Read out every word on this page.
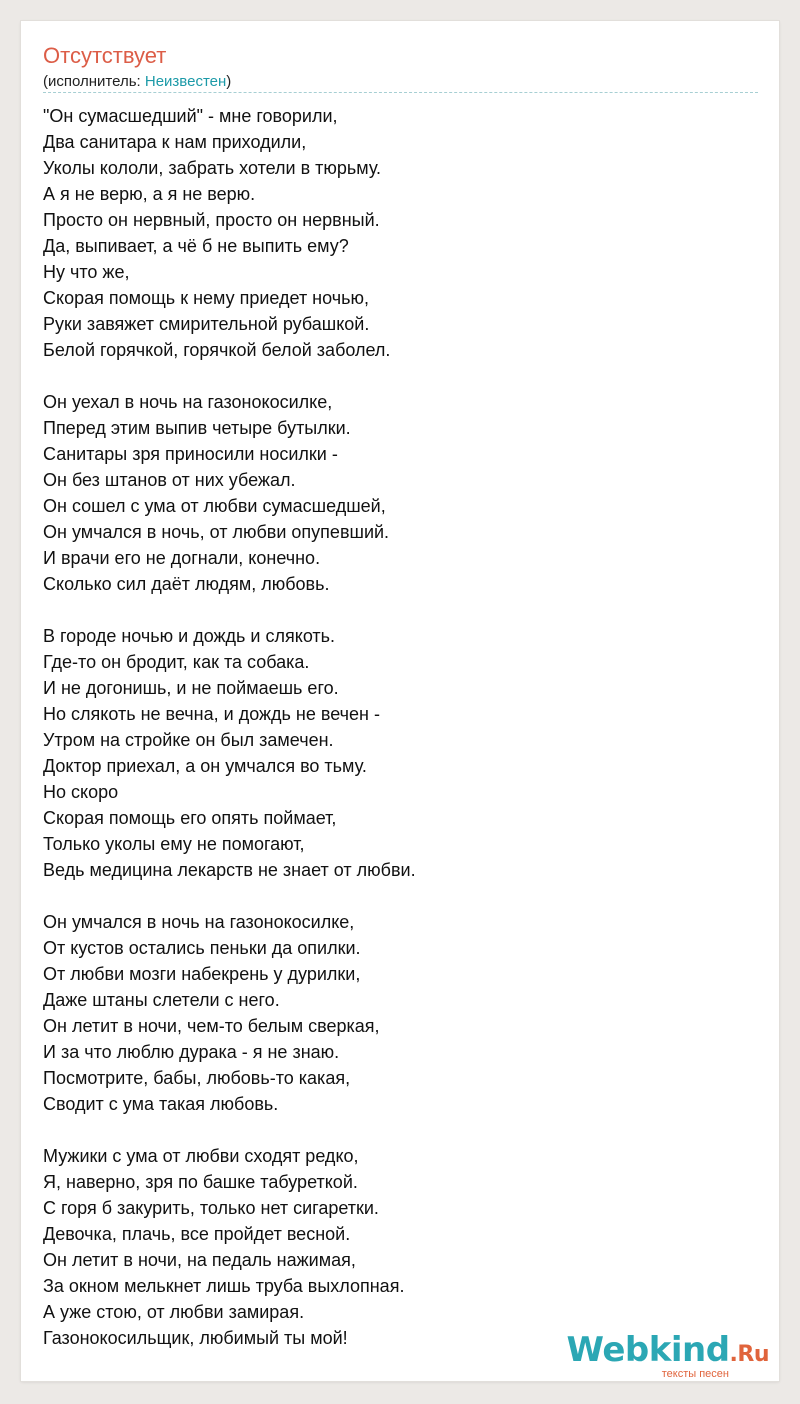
Отсутствует
(исполнитель: Неизвестен)
"Он сумасшедший" - мне говорили,
Два санитара к нам приходили,
Уколы кололи, забрать хотели в тюрьму.
А я не верю, а я не верю.
Просто он нервный, просто он нервный.
Да, выпивает, а чё б не выпить ему?
Ну что же,
Скорая помощь к нему приедет ночью,
Руки завяжет смирительной рубашкой.
Белой горячкой, горячкой белой заболел.
Он уехал в ночь на газонокосилке,
Пперед этим выпив четыре бутылки.
Санитары зря приносили носилки -
Он без штанов от них убежал.
Он сошел с ума от любви сумасшедшей,
Он умчался в ночь, от любви опупевший.
И врачи его не догнали, конечно.
Сколько сил даёт людям, любовь.
В городе ночью и дождь и слякоть.
Где-то он бродит, как та собака.
И не догонишь, и не поймаешь его.
Но слякоть не вечна, и дождь не вечен -
Утром на стройке он был замечен.
Доктор приехал, а он умчался во тьму.
Но скоро
Скорая помощь его опять поймает,
Только уколы ему не помогают,
Ведь медицина лекарств не знает от любви.
Он умчался в ночь на газонокосилке,
От кустов остались пеньки да опилки.
От любви мозги набекрень у дурилки,
Даже штаны слетели с него.
Он летит в ночи, чем-то белым сверкая,
И за что люблю дурака - я не знаю.
Посмотрите, бабы, любовь-то какая,
Сводит с ума такая любовь.
Мужики с ума от любви сходят редко,
Я, наверно, зря по башке табуреткой.
С горя б закурить, только нет сигаретки.
Девочка, плачь, все пройдет весной.
Он летит в ночи, на педаль нажимая,
За окном мелькнет лишь труба выхлопная.
А уже стою, от любви замирая.
Газонокосильщик, любимый ты мой!	Webkind.Ru
тексты песен
